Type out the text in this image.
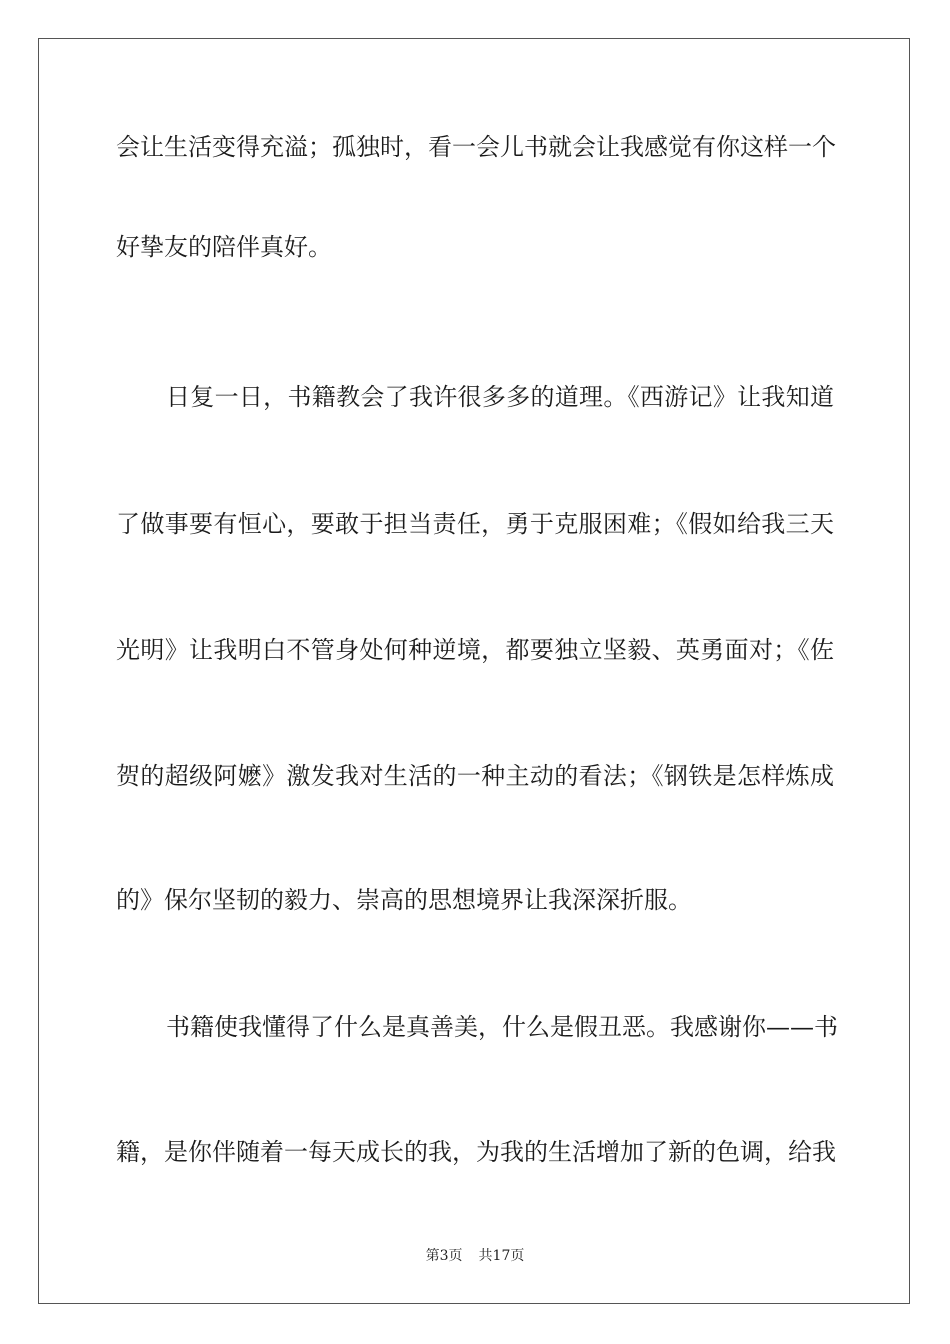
会让生活变得充溢；孤独时，看一会儿书就会让我感觉有你这样一个
好挚友的陪伴真好。
日复一日，书籍教会了我许很多多的道理。《西游记》让我知道
了做事要有恒心，要敢于担当责任，勇于克服困难；《假如给我三天
光明》让我明白不管身处何种逆境，都要独立坚毅、英勇面对；《佐
贺的超级阿嬷》激发我对生活的一种主动的看法；《钢铁是怎样炼成
的》保尔坚韧的毅力、崇高的思想境界让我深深折服。
书籍使我懂得了什么是真善美，什么是假丑恶。我感谢你——书
籍，是你伴随着一每天成长的我，为我的生活增加了新的色调，给我
第3页 共17页
